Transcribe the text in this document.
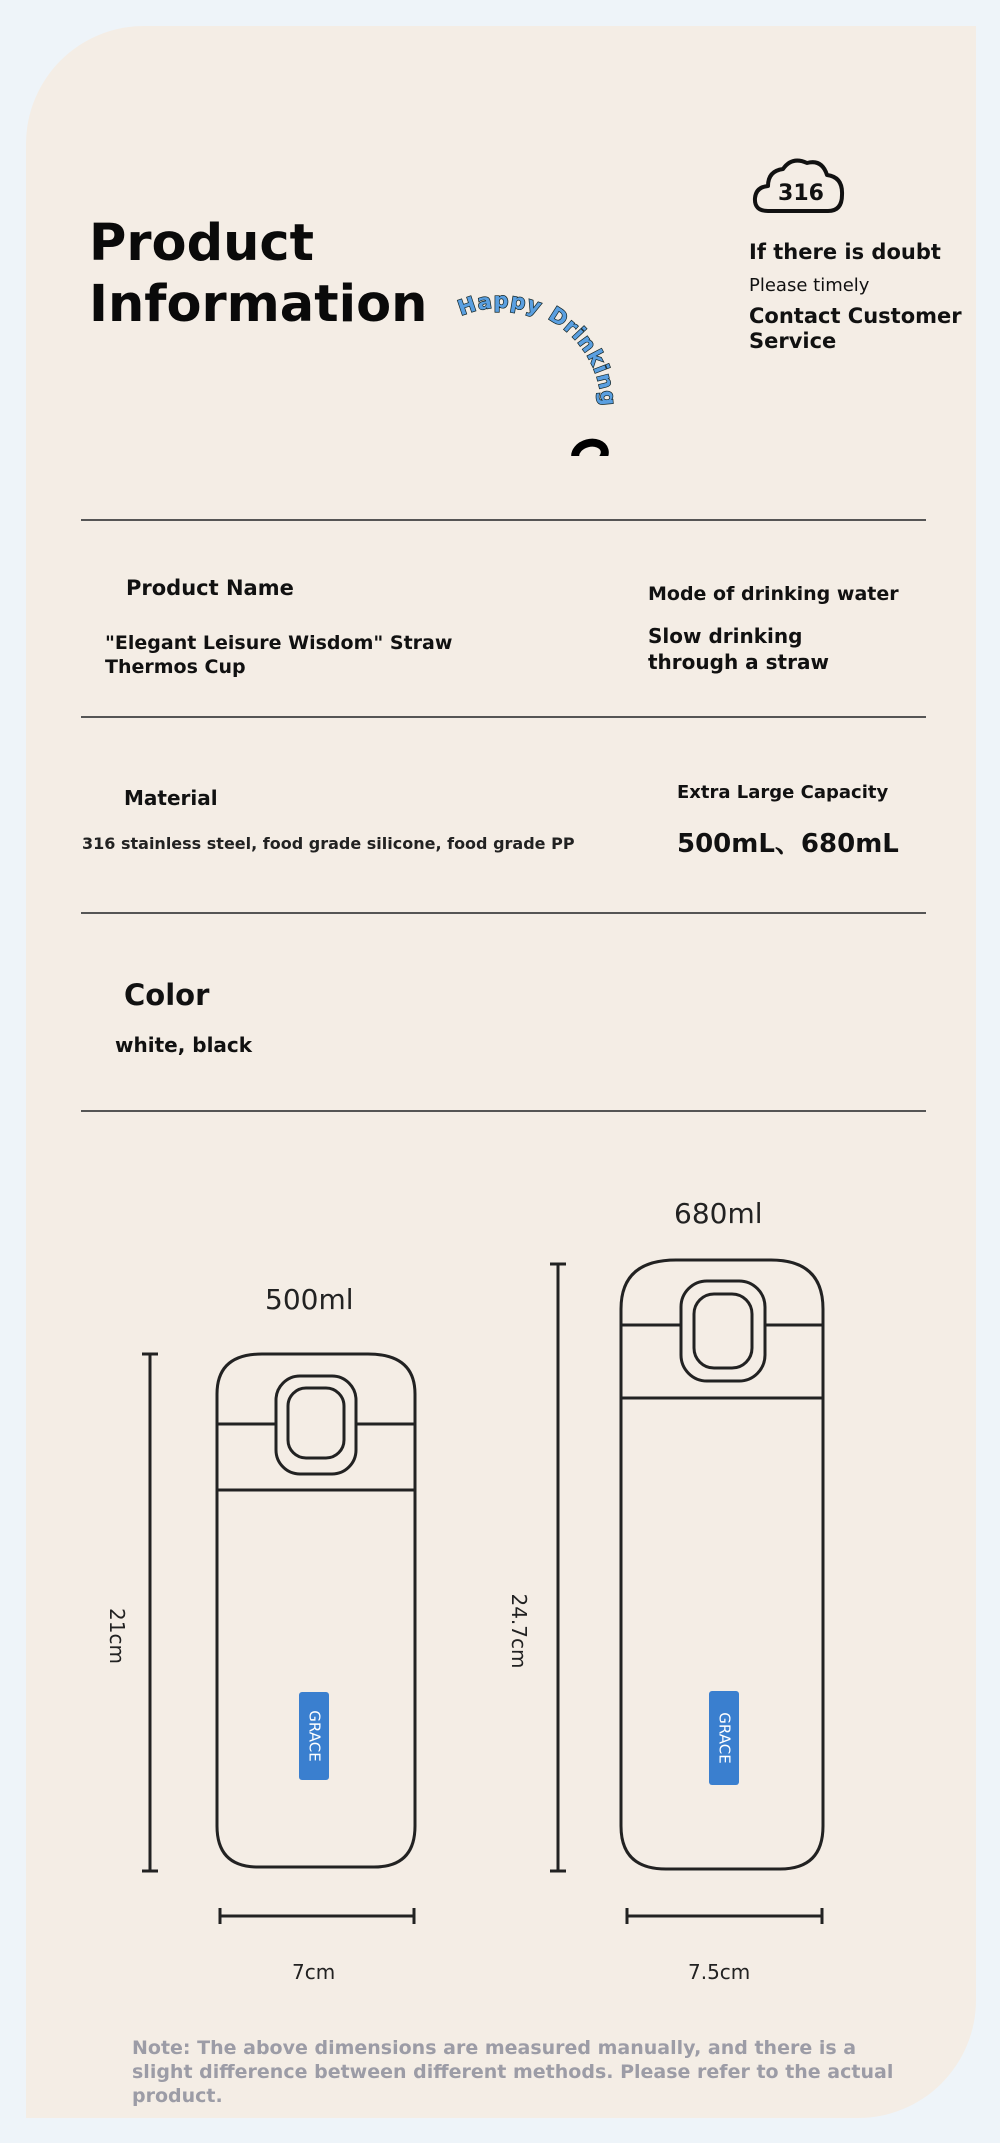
Product
Information Happy Drinking
316
If there is doubt
Please timely
Contact Customer Service
Product Name
"Elegant Leisure Wisdom" Straw
Thermos Cup
Mode of drinking water
Slow drinking
through a straw
Material
316 stainless steel, food grade silicone, food grade PP
Extra Large Capacity
500mL、680mL
Color
white, black
500ml
680ml
GRACE	GRACE
21cm	24.7cm
7cm	7.5cm
Note: The above dimensions are measured manually, and there is a slight difference between different methods. Please refer to the actual product.
